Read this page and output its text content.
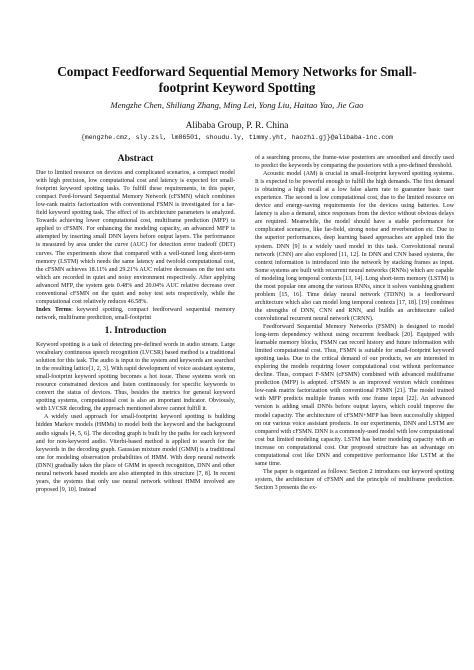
Compact Feedforward Sequential Memory Networks for Small-footprint Keyword Spotting
Mengzhe Chen, Shiliang Zhang, Ming Lei, Yong Liu, Haitao Yao, Jie Gao
Alibaba Group, P. R. China
{mengzhe.cmz, sly.zsl, lm86501, shoudu.ly, timmy.yht, haozhi.gj}@alibaba-inc.com
Abstract

Due to limited resource on devices and complicated scenarios, a compact model with high precision, low computational cost and latency is expected for small-footprint keyword spotting tasks. To fulfill these requirements, in this paper, compact Feed-forward Sequential Memory Network (cFSMN) which combines low-rank matrix factorization with conventional FSMN is investigated for a far-field keyword spotting task. The effect of its architecture parameters is analyzed. Towards achieving lower computational cost, multiframe prediction (MFP) is applied to cFSMN. For enhancing the modeling capacity, an advanced MFP is attempted by inserting small DNN layers before output layers. The performance is measured by area under the curve (AUC) for detection error tradeoff (DET) curves. The experiments show that compared with a well-tuned long short-term memory (LSTM) which needs the same latency and twofold computational cost, the cFSMN achieves 18.11% and 29.21% AUC relative decreases on the test sets which are recorded in quiet and noisy environment respectively. After applying advanced MFP, the system gets 0.48% and 20.04% AUC relative decrease over conventional cFSMN on the quiet and noisy test sets respectively, while the computational cost relatively reduces 46.58%.

Index Terms: keyword spotting, compact feedforward sequential memory network, multiframe prediction, small-footprint

1. Introduction

Keyword spotting is a task of detecting pre-defined words in audio stream. Large vocabulary continuous speech recognition (LVCSR) based method is a traditional solution for this task. The audio is input to the system and keywords are searched in the resulting lattice[1, 2, 3]. With rapid development of voice assistant systems, small-footprint keyword spotting becomes a hot issue. These systems work on resource constrained devices and listen continuously for specific keywords to convert the status of devices. Thus, besides the metrics for general keyword spotting systems, computational cost is also an important indicator. Obviously, with LVCSR decoding, the approach mentioned above cannot fulfill it.

A widely used approach for small-footprint keyword spotting is building hidden Markov models (HMMs) to model both the keyword and the background audio signals [4, 5, 6]. The decoding graph is built by the paths for each keyword and for non-keyword audio. Viterbi-based method is applied to search for the keywords in the decoding graph. Gaussian mixture model (GMM) is a traditional one for modeling observation probabilities of HMM. With deep neural network (DNN) gradually takes the place of GMM in speech recognition, DNN and other neural network based models are also attempted in this structure [7, 8]. In recent years, the systems that only use neural network without HMM involved are proposed [9, 10]. Instead

of a searching process, the frame-wise posteriors are smoothed and directly used to predict the keywords by comparing the posteriors with a pre-defined threshold.

Acoustic model (AM) is crucial in small-footprint keyword spotting systems. It is expected to be powerful enough to fulfill the high demands. The first demand is obtaining a high recall at a low false alarm rate to guarantee basic user experience. The second is low computational cost, due to the limited resource on device and energy-saving requirements for the devices using batteries. Low latency is also a demand, since responses from the device without obvious delays are required. Meanwhile, the model should have a stable performance for complicated scenarios, like far-field, strong noise and reverberation etc. Due to the superior performances, deep learning based approaches are applied into the system. DNN [9] is a widely used model in this task. Convolutional neural network (CNN) are also explored [11, 12]. In DNN and CNN based systems, the context information is introduced into the network by stacking frames as input. Some systems are built with recurrent neural networks (RNNs) which are capable of modeling long temporal contexts [13, 14]. Long short-term memory (LSTM) is the most popular one among the various RNNs, since it solves vanishing gradient problem [15, 16]. Time delay neural network (TDNN) is a feedforward architecture which also can model long temporal contexts [17, 18]. [19] combines the strengths of DNN, CNN and RNN, and builds an architecture called convolutional recurrent neural network (CRNN).

Feedforward Sequential Memory Networks (FSMN) is designed to model long-term dependency without using recurrent feedback [20]. Equipped with learnable memory blocks, FSMN can record history and future information with limited computational cost. Thus, FSMN is suitable for small-footprint keyword spotting tasks. Due to the critical demand of our products, we are interested in exploring the models requiring lower computational cost without performance decline. Thus, compact F-SMN (cFSMN) combined with advanced multiframe prediction (MFP) is adopted. cFSMN is an improved version which combines low-rank matrix factorization with conventional FSMN [21]. The model trained with MFP predicts multiple frames with one frame input [22]. An advanced version is adding small DNNs before output layers, which could improve the model capacity. The architecture of cFSMN+MFP has been successfully shipped on our various voice assistant products. In our experiments, DNN and LSTM are compared with cFSMN. DNN is a commonly-used model with low computational cost but limited modeling capacity. LSTM has better modeling capacity with an increase on computational cost. Our proposed structure has an advantage on computational cost like DNN and competitive performance like LSTM at the same time.

The paper is organized as follows: Section 2 introduces our keyword spotting system, the architecture of cFSMN and the principle of multiframe prediction. Section 3 presents the ex-
